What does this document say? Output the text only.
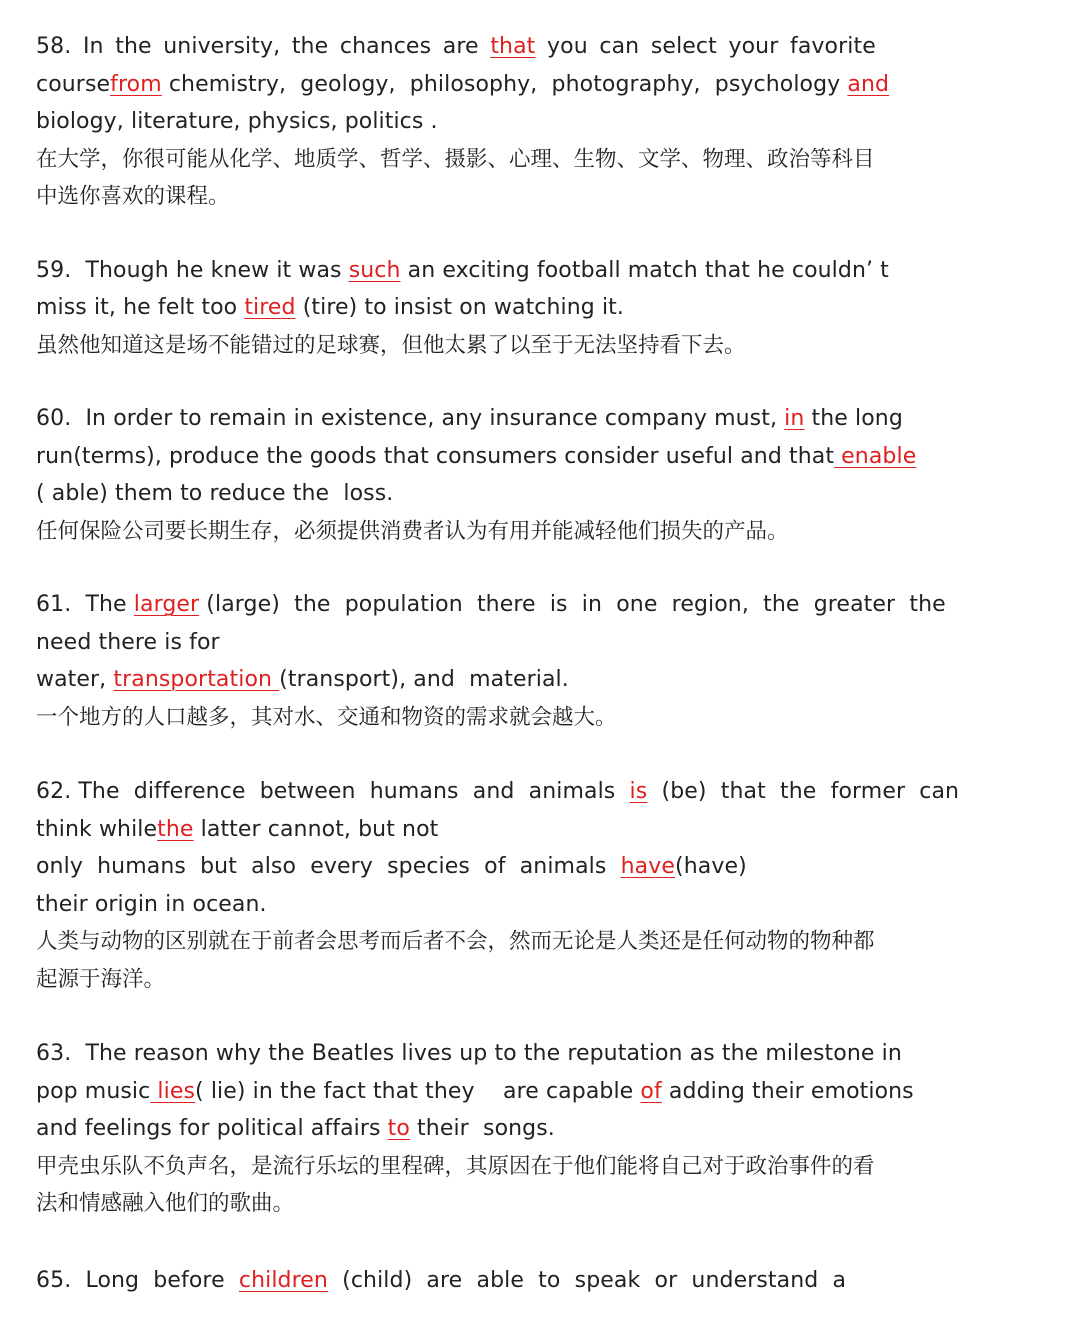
58. In the university, the chances are that you can select your favorite
coursefrom chemistry,  geology,  philosophy,  photography,  psychology and
biology, literature, physics, politics .
在大学，你很可能从化学、地质学、哲学、摄影、心理、生物、文学、物理、政治等科目
中选你喜欢的课程。
59.  Though he knew it was such an exciting football match that he couldn’ t
miss it, he felt too tired (tire) to insist on watching it.
虽然他知道这是场不能错过的足球赛，但他太累了以至于无法坚持看下去。
60.  In order to remain in existence, any insurance company must, in the long
run(terms), produce the goods that consumers consider useful and that enable
( able) them to reduce the  loss.
任何保险公司要长期生存，必须提供消费者认为有用并能减轻他们损失的产品。
61.  The larger (large)  the  population  there  is  in  one  region,  the  greater  the
need there is for
water, transportation (transport), and  material.
一个地方的人口越多，其对水、交通和物资的需求就会越大。
62. The  difference  between  humans  and  animals  is  (be)  that  the  former  can
think whilethe latter cannot, but not
only  humans  but  also  every  species  of  animals  have(have)
their origin in ocean.
人类与动物的区别就在于前者会思考而后者不会，然而无论是人类还是任何动物的物种都
起源于海洋。
63.  The reason why the Beatles lives up to the reputation as the milestone in
pop music lies( lie) in the fact that they    are capable of adding their emotions
and feelings for political affairs to their  songs.
甲壳虫乐队不负声名，是流行乐坛的里程碑，其原因在于他们能将自己对于政治事件的看
法和情感融入他们的歌曲。
65.  Long  before  children  (child)  are  able  to  speak  or  understand  a
